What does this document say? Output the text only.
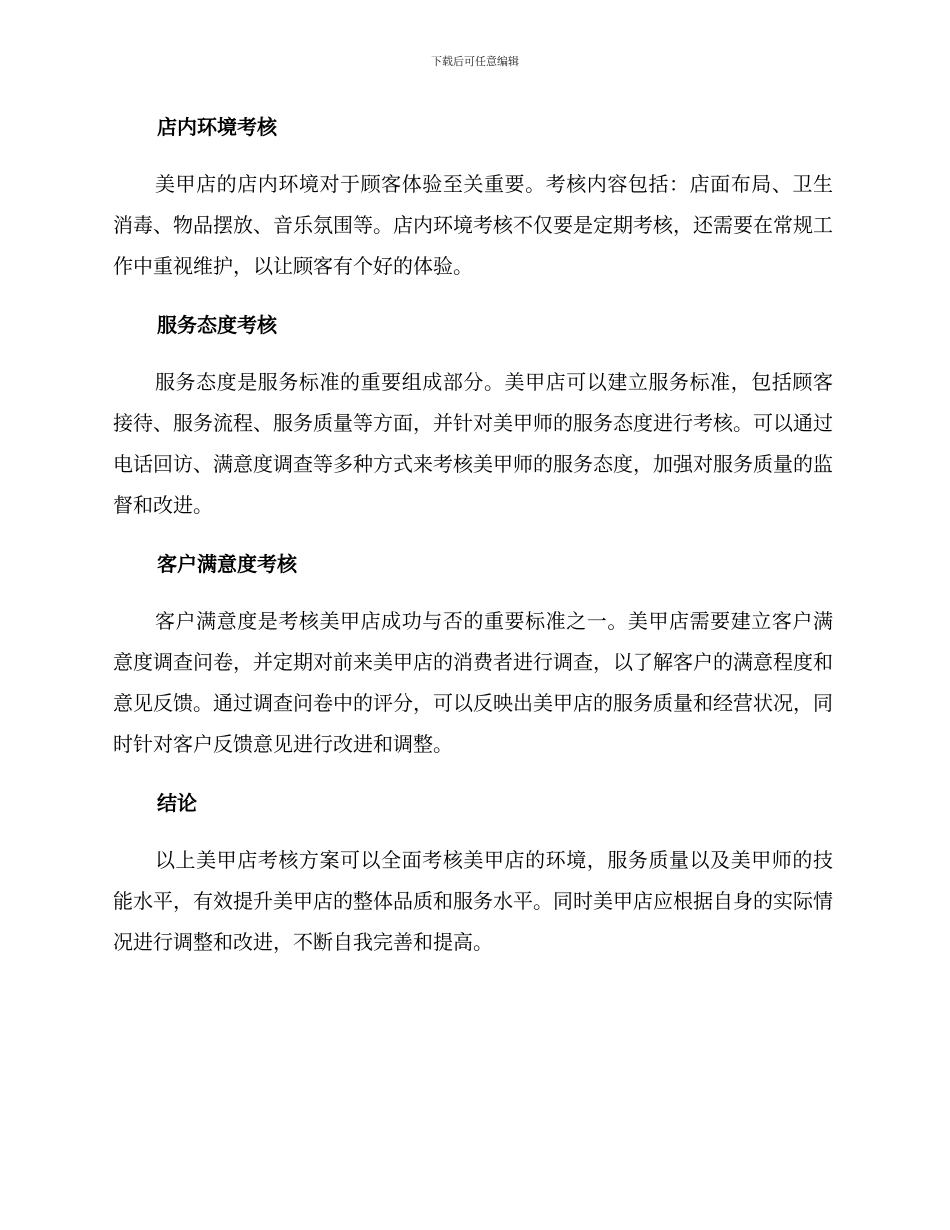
下载后可任意编辑
店内环境考核

美甲店的店内环境对于顾客体验至关重要。考核内容包括：店面布局、卫生消毒、物品摆放、音乐氛围等。店内环境考核不仅要是定期考核，还需要在常规工作中重视维护，以让顾客有个好的体验。

服务态度考核

服务态度是服务标准的重要组成部分。美甲店可以建立服务标准，包括顾客接待、服务流程、服务质量等方面，并针对美甲师的服务态度进行考核。可以通过电话回访、满意度调查等多种方式来考核美甲师的服务态度，加强对服务质量的监督和改进。

客户满意度考核

客户满意度是考核美甲店成功与否的重要标准之一。美甲店需要建立客户满意度调查问卷，并定期对前来美甲店的消费者进行调查，以了解客户的满意程度和意见反馈。通过调查问卷中的评分，可以反映出美甲店的服务质量和经营状况，同时针对客户反馈意见进行改进和调整。

结论

以上美甲店考核方案可以全面考核美甲店的环境，服务质量以及美甲师的技能水平，有效提升美甲店的整体品质和服务水平。同时美甲店应根据自身的实际情况进行调整和改进，不断自我完善和提高。
